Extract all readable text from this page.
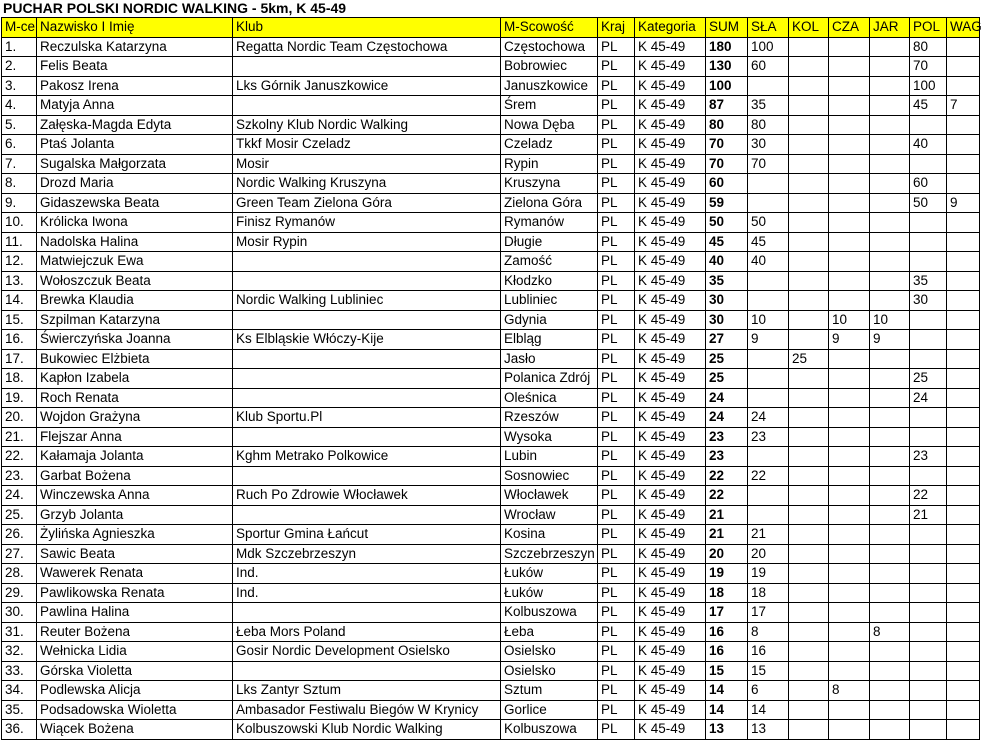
PUCHAR POLSKI NORDIC WALKING - 5km, K 45-49
M-ce	Nazwisko I Imię	Klub	M-Scowość	Kraj	Kategoria	SUM	SŁA	KOL	CZA	JAR	POL	WAG
1.	Reczulska Katarzyna	Regatta Nordic Team Częstochowa	Częstochowa	PL	K 45-49	180	100				80	
2.	Felis Beata		Bobrowiec	PL	K 45-49	130	60				70	
3.	Pakosz Irena	Lks Górnik Januszkowice	Januszkowice	PL	K 45-49	100					100	
4.	Matyja Anna		Śrem	PL	K 45-49	87	35				45	7
5.	Załęska-Magda Edyta	Szkolny Klub Nordic Walking	Nowa Dęba	PL	K 45-49	80	80					
6.	Ptaś Jolanta	Tkkf Mosir Czeladz	Czeladz	PL	K 45-49	70	30				40	
7.	Sugalska Małgorzata	Mosir	Rypin	PL	K 45-49	70	70					
8.	Drozd Maria	Nordic Walking Kruszyna	Kruszyna	PL	K 45-49	60					60	
9.	Gidaszewska Beata	Green Team Zielona Góra	Zielona Góra	PL	K 45-49	59					50	9
10.	Królicka Iwona	Finisz Rymanów	Rymanów	PL	K 45-49	50	50					
11.	Nadolska Halina	Mosir Rypin	Długie	PL	K 45-49	45	45					
12.	Matwiejczuk Ewa		Zamość	PL	K 45-49	40	40					
13.	Wołoszczuk Beata		Kłodzko	PL	K 45-49	35					35	
14.	Brewka Klaudia	Nordic Walking Lubliniec	Lubliniec	PL	K 45-49	30					30	
15.	Szpilman Katarzyna		Gdynia	PL	K 45-49	30	10		10	10		
16.	Świerczyńska Joanna	Ks Elbląskie Włóczy-Kije	Elbląg	PL	K 45-49	27	9		9	9		
17.	Bukowiec Elżbieta		Jasło	PL	K 45-49	25		25				
18.	Kapłon Izabela		Polanica Zdrój	PL	K 45-49	25					25	
19.	Roch Renata		Oleśnica	PL	K 45-49	24					24	
20.	Wojdon Grażyna	Klub Sportu.Pl	Rzeszów	PL	K 45-49	24	24					
21.	Flejszar Anna		Wysoka	PL	K 45-49	23	23					
22.	Kałamaja Jolanta	Kghm Metrako Polkowice	Lubin	PL	K 45-49	23					23	
23.	Garbat Bożena		Sosnowiec	PL	K 45-49	22	22					
24.	Winczewska Anna	Ruch Po Zdrowie Włocławek	Włocławek	PL	K 45-49	22					22	
25.	Grzyb Jolanta		Wrocław	PL	K 45-49	21					21	
26.	Żylińska Agnieszka	Sportur Gmina Łańcut	Kosina	PL	K 45-49	21	21					
27.	Sawic Beata	Mdk Szczebrzeszyn	Szczebrzeszyn	PL	K 45-49	20	20					
28.	Wawerek Renata	Ind.	Łuków	PL	K 45-49	19	19					
29.	Pawlikowska Renata	Ind.	Łuków	PL	K 45-49	18	18					
30.	Pawlina Halina		Kolbuszowa	PL	K 45-49	17	17					
31.	Reuter Bożena	Łeba Mors Poland	Łeba	PL	K 45-49	16	8			8		
32.	Wełnicka Lidia	Gosir Nordic Development Osielsko	Osielsko	PL	K 45-49	16	16					
33.	Górska Violetta		Osielsko	PL	K 45-49	15	15					
34.	Podlewska Alicja	Lks Zantyr Sztum	Sztum	PL	K 45-49	14	6		8			
35.	Podsadowska Wioletta	Ambasador Festiwalu Biegów W Krynicy	Gorlice	PL	K 45-49	14	14					
36.	Wiącek Bożena	Kolbuszowski Klub Nordic Walking	Kolbuszowa	PL	K 45-49	13	13					
